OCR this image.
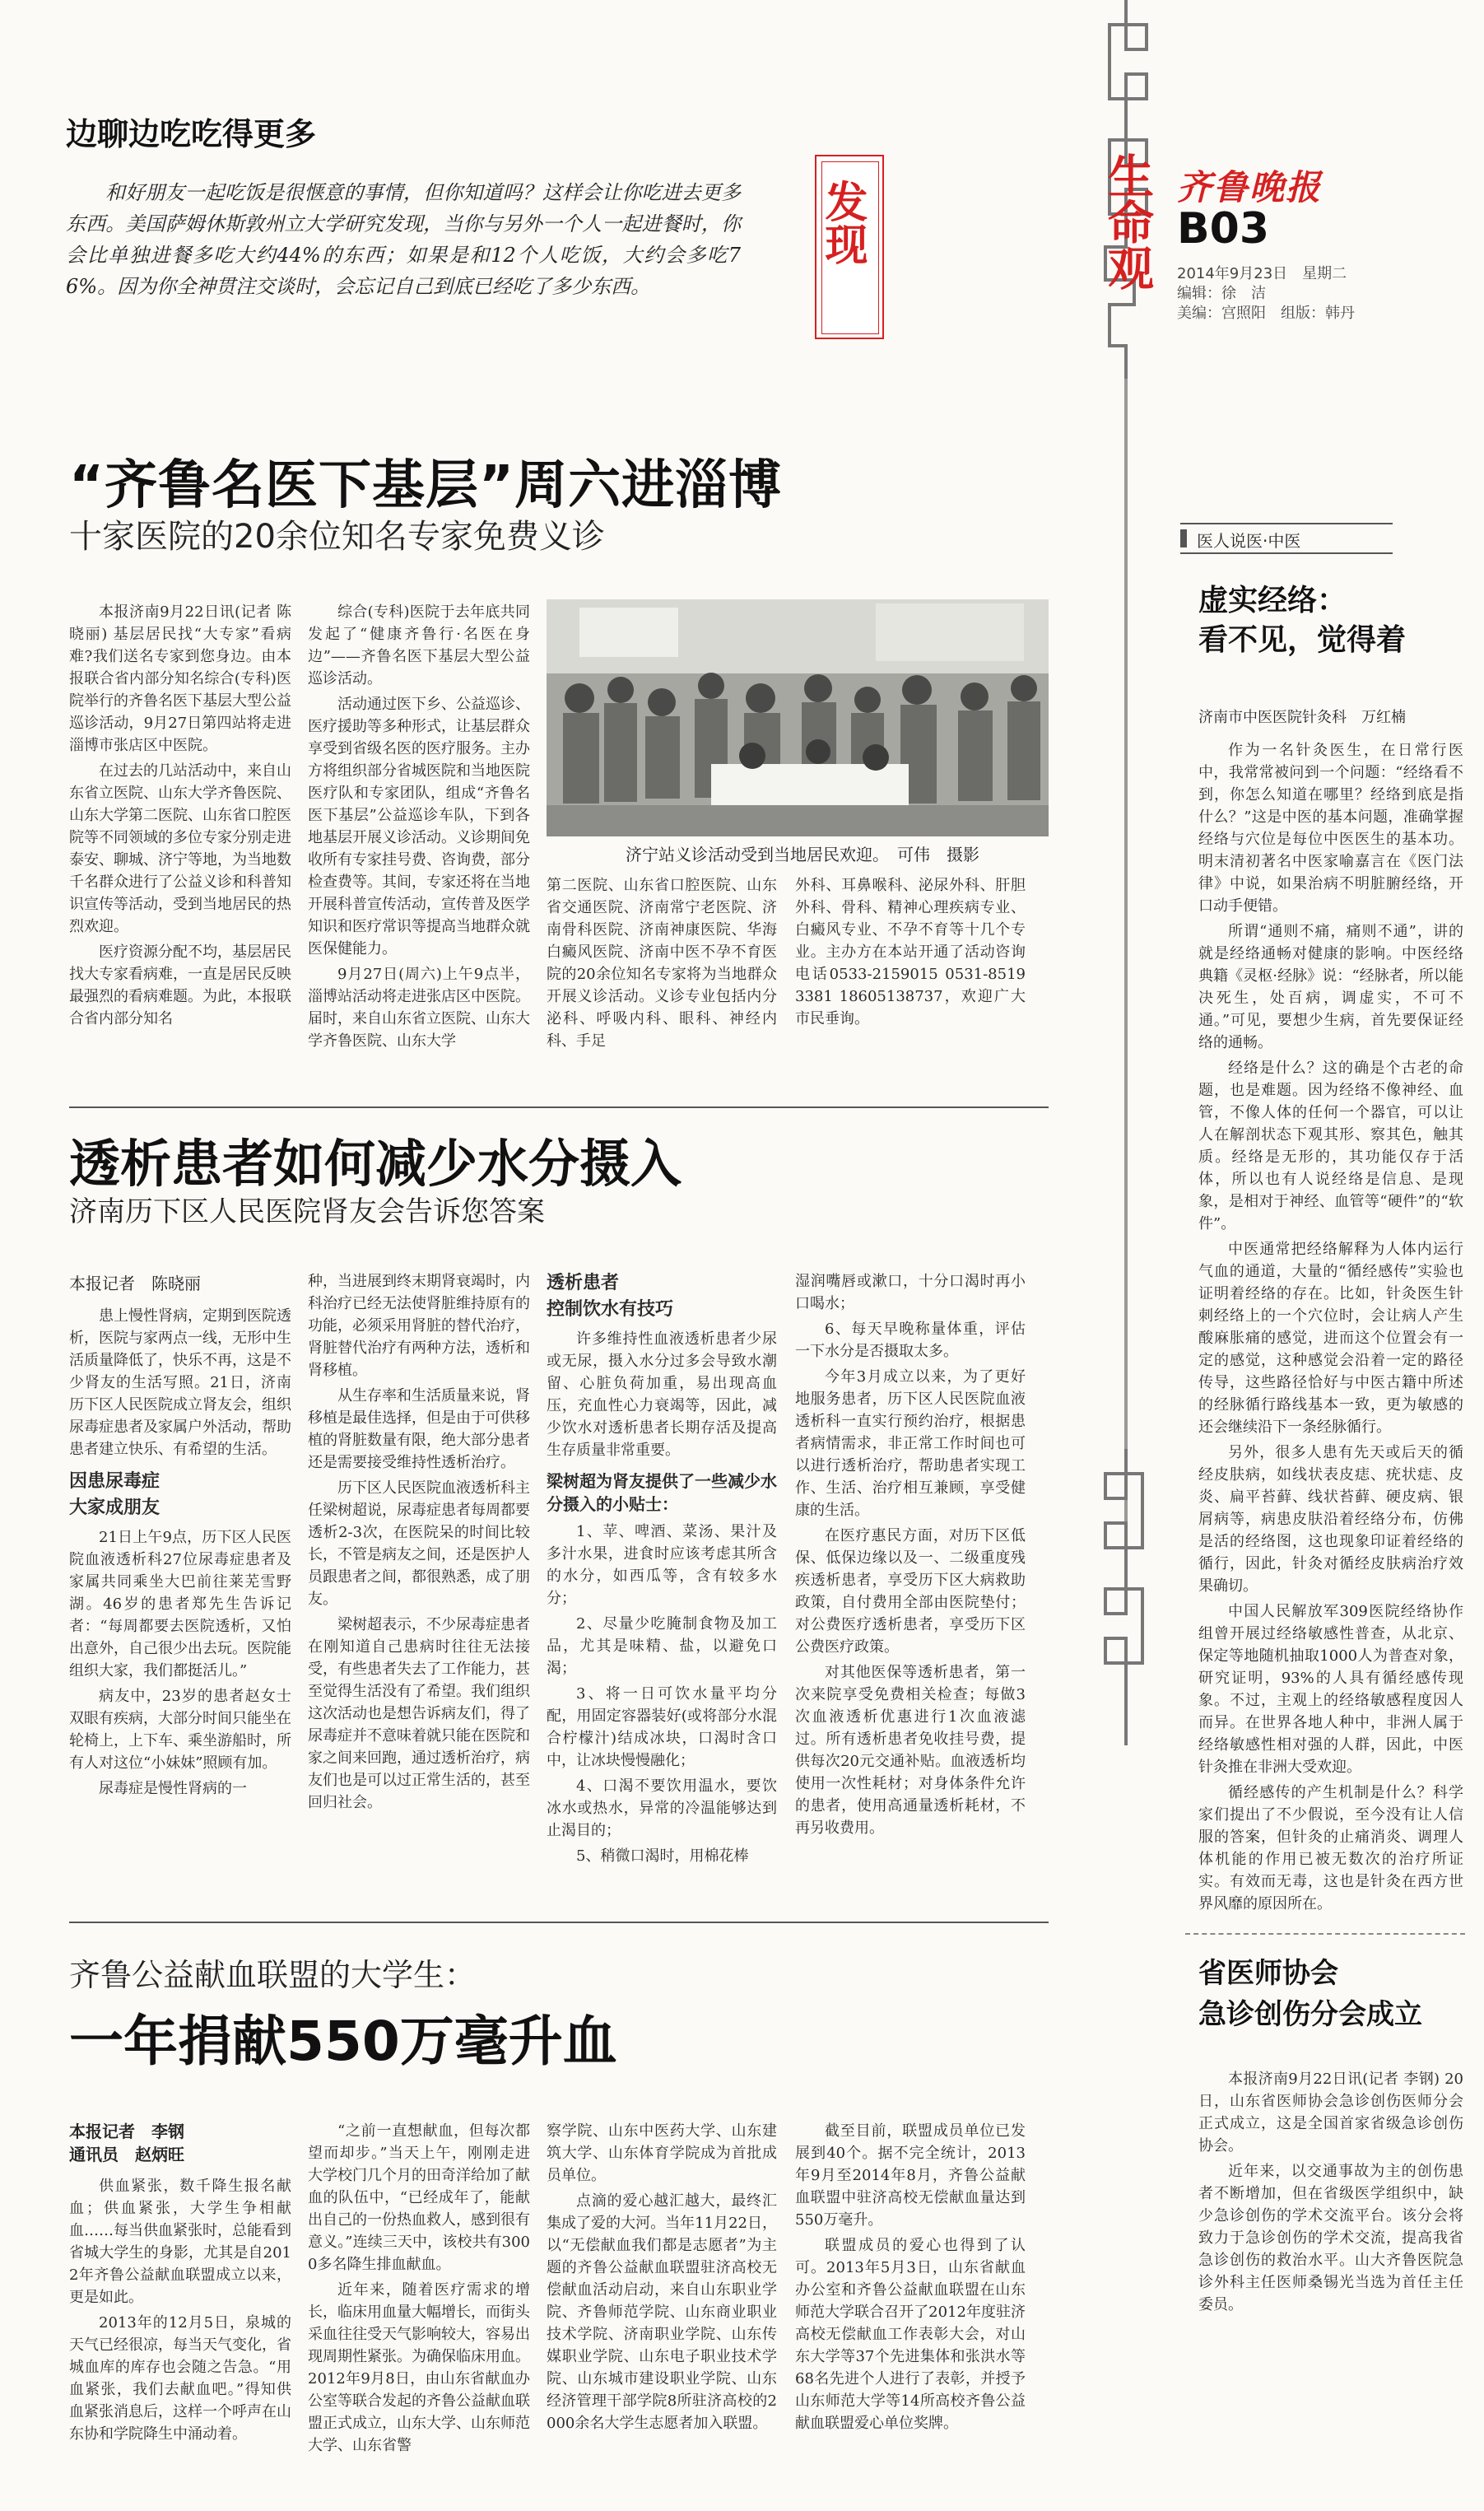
生命观 齐鲁晚报
B03
2014年9月23日　星期二
编辑：徐　洁
美编：宫照阳　组版：韩丹
发现
边聊边吃吃得更多
和好朋友一起吃饭是很惬意的事情，但你知道吗？这样会让你吃进去更多东西。美国萨姆休斯敦州立大学研究发现，当你与另外一个人一起进餐时，你会比单独进餐多吃大约44%的东西；如果是和12个人吃饭，大约会多吃76%。因为你全神贯注交谈时，会忘记自己到底已经吃了多少东西。
“齐鲁名医下基层”周六进淄博
十家医院的20余位知名专家免费义诊

本报济南9月22日讯(记者 陈晓丽) 基层居民找“大专家”看病难?我们送名专家到您身边。由本报联合省内部分知名综合(专科)医院举行的齐鲁名医下基层大型公益巡诊活动，9月27日第四站将走进淄博市张店区中医院。

在过去的几站活动中，来自山东省立医院、山东大学齐鲁医院、山东大学第二医院、山东省口腔医院等不同领域的多位专家分别走进泰安、聊城、济宁等地，为当地数千名群众进行了公益义诊和科普知识宣传等活动，受到当地居民的热烈欢迎。

医疗资源分配不均，基层居民找大专家看病难，一直是居民反映最强烈的看病难题。为此，本报联合省内部分知名

综合(专科)医院于去年底共同发起了“健康齐鲁行·名医在身边”——齐鲁名医下基层大型公益巡诊活动。

活动通过医下乡、公益巡诊、医疗援助等多种形式，让基层群众享受到省级名医的医疗服务。主办方将组织部分省城医院和当地医院医疗队和专家团队，组成“齐鲁名医下基层”公益巡诊车队，下到各地基层开展义诊活动。义诊期间免收所有专家挂号费、咨询费，部分检查费等。其间，专家还将在当地开展科普宣传活动，宣传普及医学知识和医疗常识等提高当地群众就医保健能力。

9月27日(周六)上午9点半，淄博站活动将走进张店区中医院。届时，来自山东省立医院、山东大学齐鲁医院、山东大学

济宁站义诊活动受到当地居民欢迎。　可伟　摄影

第二医院、山东省口腔医院、山东省交通医院、济南常宁老医院、济南骨科医院、济南神康医院、华海白癜风医院、济南中医不孕不育医院的20余位知名专家将为当地群众开展义诊活动。义诊专业包括内分泌科、呼吸内科、眼科、神经内科、手足

外科、耳鼻喉科、泌尿外科、肝胆外科、骨科、精神心理疾病专业、白癜风专业、不孕不育等十几个专业。主办方在本站开通了活动咨询电话0533-2159015 0531-85193381 18605138737，欢迎广大市民垂询。

透析患者如何减少水分摄入
济南历下区人民医院肾友会告诉您答案
本报记者　陈晓丽

患上慢性肾病，定期到医院透析，医院与家两点一线，无形中生活质量降低了，快乐不再，这是不少肾友的生活写照。21日，济南历下区人民医院成立肾友会，组织尿毒症患者及家属户外活动，帮助患者建立快乐、有希望的生活。

因患尿毒症
大家成朋友

21日上午9点，历下区人民医院血液透析科27位尿毒症患者及家属共同乘坐大巴前往莱芜雪野湖。46岁的患者郑先生告诉记者：“每周都要去医院透析，又怕出意外，自己很少出去玩。医院能组织大家，我们都挺活儿。”

病友中，23岁的患者赵女士双眼有疾病，大部分时间只能坐在轮椅上，上下车、乘坐游船时，所有人对这位“小妹妹”照顾有加。

尿毒症是慢性肾病的一

种，当进展到终末期肾衰竭时，内科治疗已经无法使肾脏维持原有的功能，必须采用肾脏的替代治疗，肾脏替代治疗有两种方法，透析和肾移植。

从生存率和生活质量来说，肾移植是最佳选择，但是由于可供移植的肾脏数量有限，绝大部分患者还是需要接受维持性透析治疗。

历下区人民医院血液透析科主任梁树超说，尿毒症患者每周都要透析2-3次，在医院呆的时间比较长，不管是病友之间，还是医护人员跟患者之间，都很熟悉，成了朋友。

梁树超表示，不少尿毒症患者在刚知道自己患病时往往无法接受，有些患者失去了工作能力，甚至觉得生活没有了希望。我们组织这次活动也是想告诉病友们，得了尿毒症并不意味着就只能在医院和家之间来回跑，通过透析治疗，病友们也是可以过正常生活的，甚至回归社会。

透析患者
控制饮水有技巧

许多维持性血液透析患者少尿或无尿，摄入水分过多会导致水潮留、心脏负荷加重，易出现高血压，充血性心力衰竭等，因此，减少饮水对透析患者长期存活及提高生存质量非常重要。

梁树超为肾友提供了一些减少水分摄入的小贴士：

1、苹、啤酒、菜汤、果汁及多汁水果，进食时应该考虑其所含的水分，如西瓜等，含有较多水分；

2、尽量少吃腌制食物及加工品，尤其是味精、盐，以避免口渴；

3、将一日可饮水量平均分配，用固定容器装好(或将部分水混合柠檬汁)结成冰块，口渴时含口中，让冰块慢慢融化；

4、口渴不要饮用温水，要饮冰水或热水，异常的冷温能够达到止渴目的；

5、稍微口渴时，用棉花棒

湿润嘴唇或漱口，十分口渴时再小口喝水；

6、每天早晚称量体重，评估一下水分是否摄取太多。

今年3月成立以来，为了更好地服务患者，历下区人民医院血液透析科一直实行预约治疗，根据患者病情需求，非正常工作时间也可以进行透析治疗，帮助患者实现工作、生活、治疗相互兼顾，享受健康的生活。

在医疗惠民方面，对历下区低保、低保边缘以及一、二级重度残疾透析患者，享受历下区大病救助政策，自付费用全部由医院垫付；对公费医疗透析患者，享受历下区公费医疗政策。

对其他医保等透析患者，第一次来院享受免费相关检查；每做3次血液透析优惠进行1次血液滤过。所有透析患者免收挂号费，提供每次20元交通补贴。血液透析均使用一次性耗材；对身体条件允许的患者，使用高通量透析耗材，不再另收费用。

齐鲁公益献血联盟的大学生：
一年捐献550万毫升血
本报记者　李钢
通讯员　赵炳旺

供血紧张，数千降生报名献血；供血紧张，大学生争相献血……每当供血紧张时，总能看到省城大学生的身影，尤其是自2012年齐鲁公益献血联盟成立以来，更是如此。

2013年的12月5日，泉城的天气已经很凉，每当天气变化，省城血库的库存也会随之告急。“用血紧张，我们去献血吧。”得知供血紧张消息后，这样一个呼声在山东协和学院降生中涌动着。

“之前一直想献血，但每次都望而却步。”当天上午，刚刚走进大学校门几个月的田奇洋给加了献血的队伍中，“已经成年了，能献出自己的一份热血救人，感到很有意义。”连续三天中，该校共有3000多名降生排血献血。

近年来，随着医疗需求的增长，临床用血量大幅增长，而街头采血往往受天气影响较大，容易出现周期性紧张。为确保临床用血。2012年9月8日，由山东省献血办公室等联合发起的齐鲁公益献血联盟正式成立，山东大学、山东师范大学、山东省警

察学院、山东中医药大学、山东建筑大学、山东体育学院成为首批成员单位。

点滴的爱心越汇越大，最终汇集成了爱的大河。当年11月22日，以“无偿献血我们都是志愿者”为主题的齐鲁公益献血联盟驻济高校无偿献血活动启动，来自山东职业学院、齐鲁师范学院、山东商业职业技术学院、济南职业学院、山东传媒职业学院、山东电子职业技术学院、山东城市建设职业学院、山东经济管理干部学院8所驻济高校的2000余名大学生志愿者加入联盟。

截至目前，联盟成员单位已发展到40个。据不完全统计，2013年9月至2014年8月，齐鲁公益献血联盟中驻济高校无偿献血量达到550万毫升。

联盟成员的爱心也得到了认可。2013年5月3日，山东省献血办公室和齐鲁公益献血联盟在山东师范大学联合召开了2012年度驻济高校无偿献血工作表彰大会，对山东大学等37个先进集体和张洪水等68名先进个人进行了表彰，并授予山东师范大学等14所高校齐鲁公益献血联盟爱心单位奖牌。

医人说医·中医
虚实经络：
看不见，觉得着
济南市中医医院针灸科　万红楠

作为一名针灸医生，在日常行医中，我常常被问到一个问题：“经络看不到，你怎么知道在哪里？经络到底是指什么？”这是中医的基本问题，准确掌握经络与穴位是每位中医医生的基本功。明末清初著名中医家喻嘉言在《医门法律》中说，如果治病不明脏腑经络，开口动手便错。

所谓“通则不痛，痛则不通”，讲的就是经络通畅对健康的影响。中医经络典籍《灵枢·经脉》说：“经脉者，所以能决死生，处百病，调虚实，不可不通。”可见，要想少生病，首先要保证经络的通畅。

经络是什么？这的确是个古老的命题，也是难题。因为经络不像神经、血管，不像人体的任何一个器官，可以让人在解剖状态下观其形、察其色，触其质。经络是无形的，其功能仅存于活体，所以也有人说经络是信息、是现象，是相对于神经、血管等“硬件”的“软件”。

中医通常把经络解释为人体内运行气血的通道，大量的“循经感传”实验也证明着经络的存在。比如，针灸医生针刺经络上的一个穴位时，会让病人产生酸麻胀痛的感觉，进而这个位置会有一定的感觉，这种感觉会沿着一定的路径传导，这些路径恰好与中医古籍中所述的经脉循行路线基本一致，更为敏感的还会继续沿下一条经脉循行。

另外，很多人患有先天或后天的循经皮肤病，如线状表皮痣、疣状痣、皮炎、扁平苔藓、线状苔藓、硬皮病、银屑病等，病患皮肤沿着经络分布，仿佛是活的经络图，这也现象印证着经络的循行，因此，针灸对循经皮肤病治疗效果确切。

中国人民解放军309医院经络协作组曾开展过经络敏感性普查，从北京、保定等地随机抽取1000人为普查对象，研究证明，93%的人具有循经感传现象。不过，主观上的经络敏感程度因人而异。在世界各地人种中，非洲人属于经络敏感性相对强的人群，因此，中医针灸推在非洲大受欢迎。

循经感传的产生机制是什么？科学家们提出了不少假说，至今没有让人信服的答案，但针灸的止痛消炎、调理人体机能的作用已被无数次的治疗所证实。有效而无毒，这也是针灸在西方世界风靡的原因所在。

省医师协会
急诊创伤分会成立

本报济南9月22日讯(记者 李钢) 20日，山东省医师协会急诊创伤医师分会正式成立，这是全国首家省级急诊创伤协会。

近年来，以交通事故为主的创伤患者不断增加，但在省级医学组织中，缺少急诊创伤的学术交流平台。该分会将致力于急诊创伤的学术交流，提高我省急诊创伤的救治水平。山大齐鲁医院急诊外科主任医师桑锡光当选为首任主任委员。
